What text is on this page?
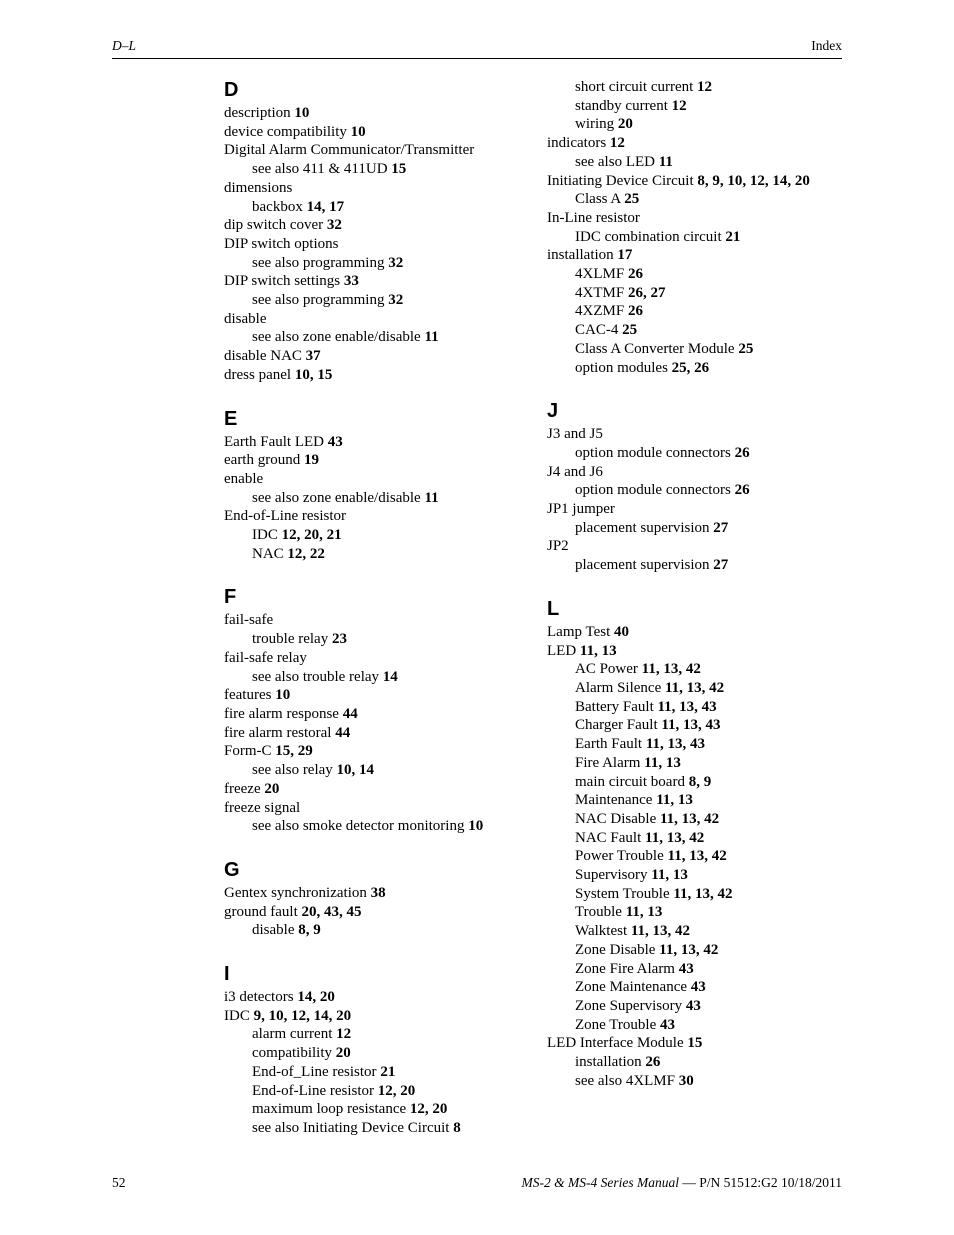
D–L	Index
D
description 10
device compatibility 10
Digital Alarm Communicator/Transmitter
see also 411 & 411UD 15
dimensions
backbox 14, 17
dip switch cover 32
DIP switch options
see also programming 32
DIP switch settings 33
see also programming 32
disable
see also zone enable/disable 11
disable NAC 37
dress panel 10, 15
E
Earth Fault LED 43
earth ground 19
enable
see also zone enable/disable 11
End-of-Line resistor
IDC 12, 20, 21
NAC 12, 22
F
fail-safe
trouble relay 23
fail-safe relay
see also trouble relay 14
features 10
fire alarm response 44
fire alarm restoral 44
Form-C 15, 29
see also relay 10, 14
freeze 20
freeze signal
see also smoke detector monitoring 10
G
Gentex synchronization 38
ground fault 20, 43, 45
disable 8, 9
I
i3 detectors 14, 20
IDC 9, 10, 12, 14, 20
alarm current 12
compatibility 20
End-of_Line resistor 21
End-of-Line resistor 12, 20
maximum loop resistance 12, 20
see also Initiating Device Circuit 8
short circuit current 12
standby current 12
wiring 20
indicators 12
see also LED 11
Initiating Device Circuit 8, 9, 10, 12, 14, 20
Class A 25
In-Line resistor
IDC combination circuit 21
installation 17
4XLMF 26
4XTMF 26, 27
4XZMF 26
CAC-4 25
Class A Converter Module 25
option modules 25, 26
J
J3 and J5
option module connectors 26
J4 and J6
option module connectors 26
JP1 jumper
placement supervision 27
JP2
placement supervision 27
L
Lamp Test 40
LED 11, 13
AC Power 11, 13, 42
Alarm Silence 11, 13, 42
Battery Fault 11, 13, 43
Charger Fault 11, 13, 43
Earth Fault 11, 13, 43
Fire Alarm 11, 13
main circuit board 8, 9
Maintenance 11, 13
NAC Disable 11, 13, 42
NAC Fault 11, 13, 42
Power Trouble 11, 13, 42
Supervisory 11, 13
System Trouble 11, 13, 42
Trouble 11, 13
Walktest 11, 13, 42
Zone Disable 11, 13, 42
Zone Fire Alarm 43
Zone Maintenance 43
Zone Supervisory 43
Zone Trouble 43
LED Interface Module 15
installation 26
see also 4XLMF 30
52	MS-2 & MS-4 Series Manual — P/N 51512:G2 10/18/2011
